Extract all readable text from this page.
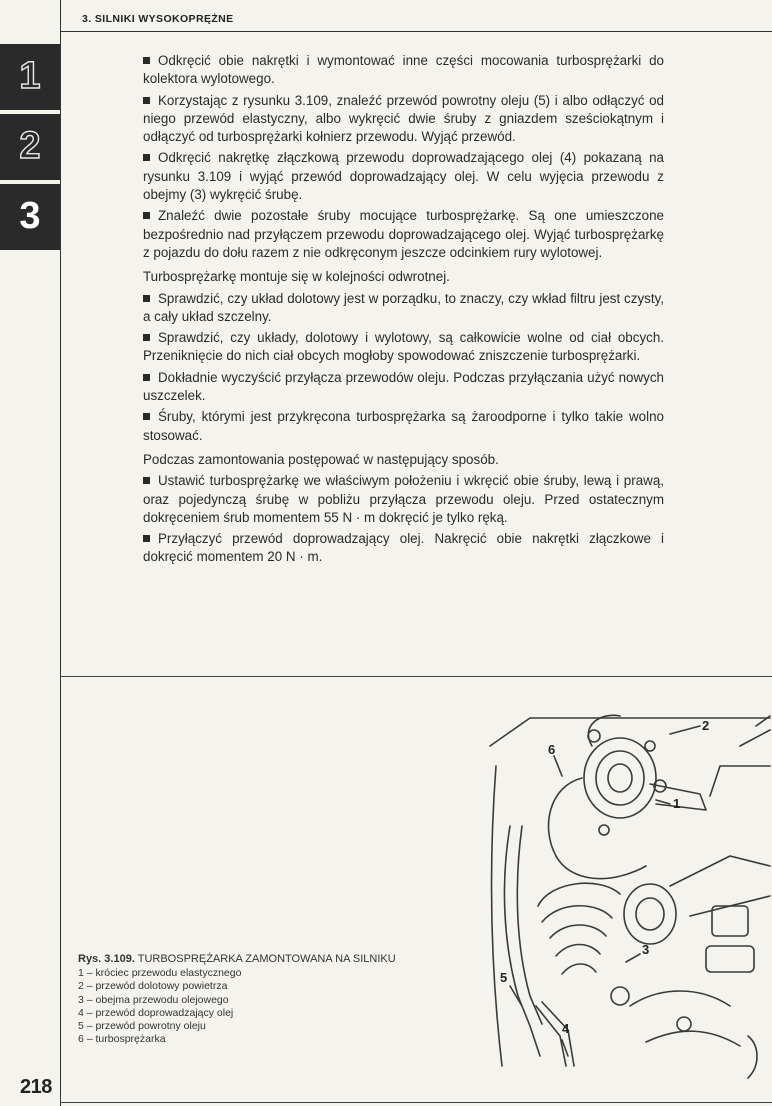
3. SILNIKI WYSOKOPRĘŻNE
1
2
3

Odkręcić obie nakrętki i wymontować inne części mocowania turbosprężarki do kolektora wylotowego.

Korzystając z rysunku 3.109, znaleźć przewód powrotny oleju (5) i albo odłączyć od niego przewód elastyczny, albo wykręcić dwie śruby z gniazdem sześciokątnym i odłączyć od turbosprężarki kołnierz przewodu. Wyjąć przewód.

Odkręcić nakrętkę złączkową przewodu doprowadzającego olej (4) pokazaną na rysunku 3.109 i wyjąć przewód doprowadzający olej. W celu wyjęcia przewodu z obejmy (3) wykręcić śrubę.

Znaleźć dwie pozostałe śruby mocujące turbosprężarkę. Są one umieszczone bezpośrednio nad przyłączem przewodu doprowadzającego olej. Wyjąć turbosprężarkę z pojazdu do dołu razem z nie odkręconym jeszcze odcinkiem rury wylotowej.

Turbosprężarkę montuje się w kolejności odwrotnej.

Sprawdzić, czy układ dolotowy jest w porządku, to znaczy, czy wkład filtru jest czysty, a cały układ szczelny.

Sprawdzić, czy układy, dolotowy i wylotowy, są całkowicie wolne od ciał obcych. Przeniknięcie do nich ciał obcych mogłoby spowodować zniszczenie turbosprężarki.

Dokładnie wyczyścić przyłącza przewodów oleju. Podczas przyłączania użyć nowych uszczelek.

Śruby, którymi jest przykręcona turbosprężarka są żaroodporne i tylko takie wolno stosować.

Podczas zamontowania postępować w następujący sposób.

Ustawić turbosprężarkę we właściwym położeniu i wkręcić obie śruby, lewą i prawą, oraz pojedynczą śrubę w pobliżu przyłącza przewodu oleju. Przed ostatecznym dokręceniem śrub momentem 55 N · m dokręcić je tylko ręką.

Przyłączyć przewód doprowadzający olej. Nakręcić obie nakrętki złączkowe i dokręcić momentem 20 N · m.

2
1
3
5
4
6
Rys. 3.109. TURBOSPRĘŻARKA ZAMONTOWANA NA SILNIKU
1 – króciec przewodu elastycznego
2 – przewód dolotowy powietrza
3 – obejma przewodu olejowego
4 – przewód doprowadzający olej
5 – przewód powrotny oleju
6 – turbosprężarka
218
